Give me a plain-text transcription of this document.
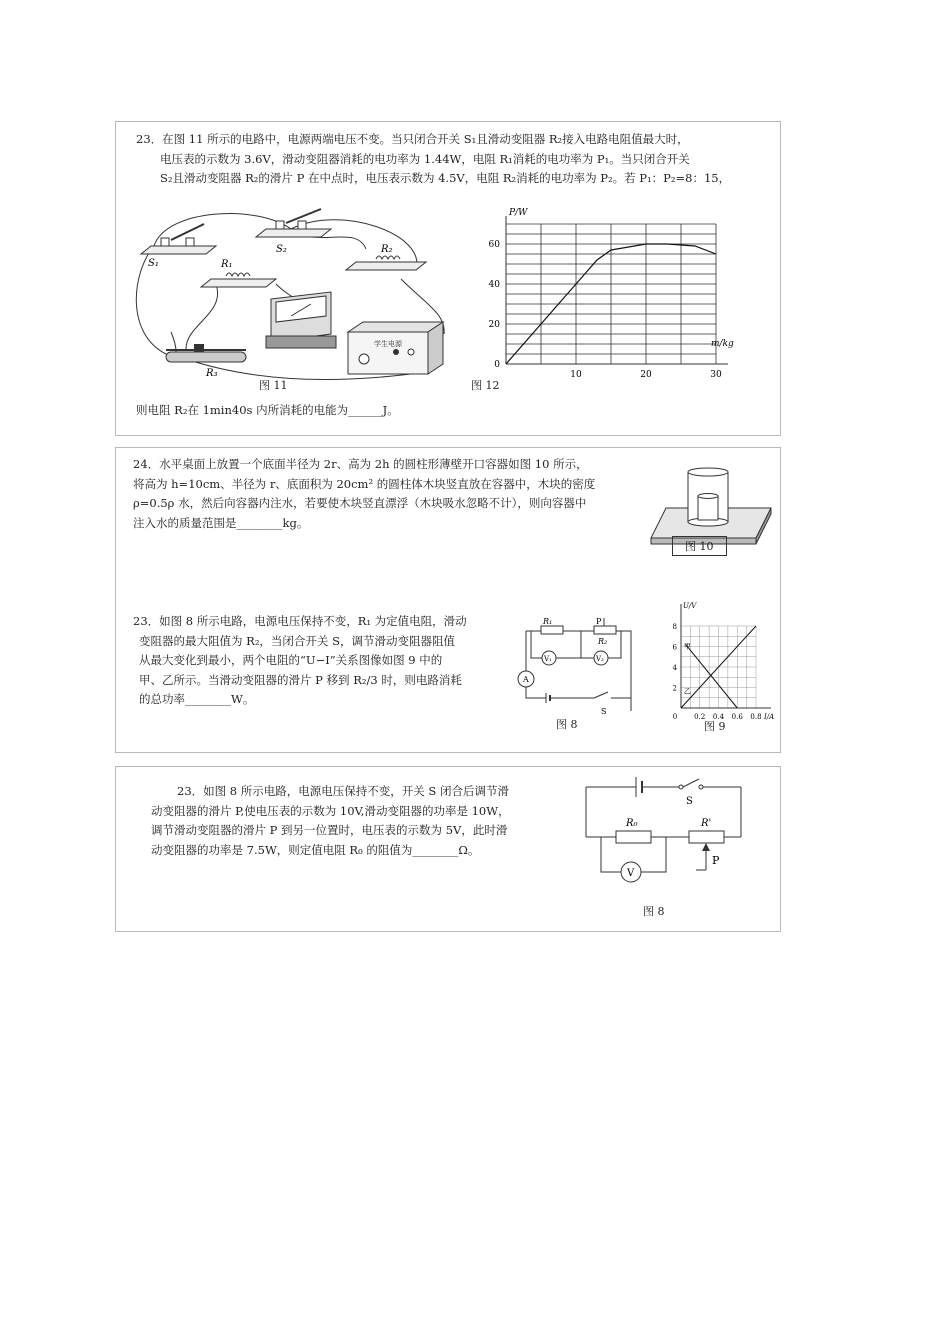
23．在图 11 所示的电路中，电源两端电压不变。当只闭合开关 S₁且滑动变阻器 R₂接入电路电阻值最大时，
电压表的示数为 3.6V，滑动变阻器消耗的电功率为 1.44W，电阻 R₁消耗的电功率为 P₁。当只闭合开关
S₂且滑动变阻器 R₂的滑片 P 在中点时，电压表示数为 4.5V，电阻 R₂消耗的电功率为 P₂。若 P₁：P₂=8：15，
学生电源
S₁
S₂
R₁
R₂
R₃
图 11
0
20
40
60
10	20	30
P/W
m/kg
图 12
则电阻 R₂在 1min40s 内所消耗的电能为______J。
24．水平桌面上放置一个底面半径为 2r、高为 2h 的圆柱形薄壁开口容器如图 10 所示，
将高为 h=10cm、半径为 r、底面积为 20cm² 的圆柱体木块竖直放在容器中，木块的密度
ρ=0.5ρ 水，然后向容器内注水，若要使木块竖直漂浮（木块吸水忽略不计），则向容器中
注入水的质量范围是________kg。
图 10
23．如图 8 所示电路，电源电压保持不变，R₁ 为定值电阻，滑动
变阻器的最大阻值为 R₂，当闭合开关 S，调节滑动变阻器阻值
从最大变化到最小，两个电阻的“U−I”关系图像如图 9 中的
甲、乙所示。当滑动变阻器的滑片 P 移到 R₂/3 时，则电路消耗
的总功率________W。
R₁	P
R₂
V₁	V₂
A
S
图 8
甲
乙
2
4
6
8
0 0.2 0.4 0.6 0.8
U/V
I/A
图 9
23．如图 8 所示电路，电源电压保持不变，开关 S 闭合后调节滑
动变阻器的滑片 P,使电压表的示数为 10V,滑动变阻器的功率是 10W，
调节滑动变阻器的滑片 P 到另一位置时，电压表的示数为 5V，此时滑
动变阻器的功率是 7.5W，则定值电阻 R₀ 的阻值为________Ω。
S
R₀	R'
V
P
图 8
